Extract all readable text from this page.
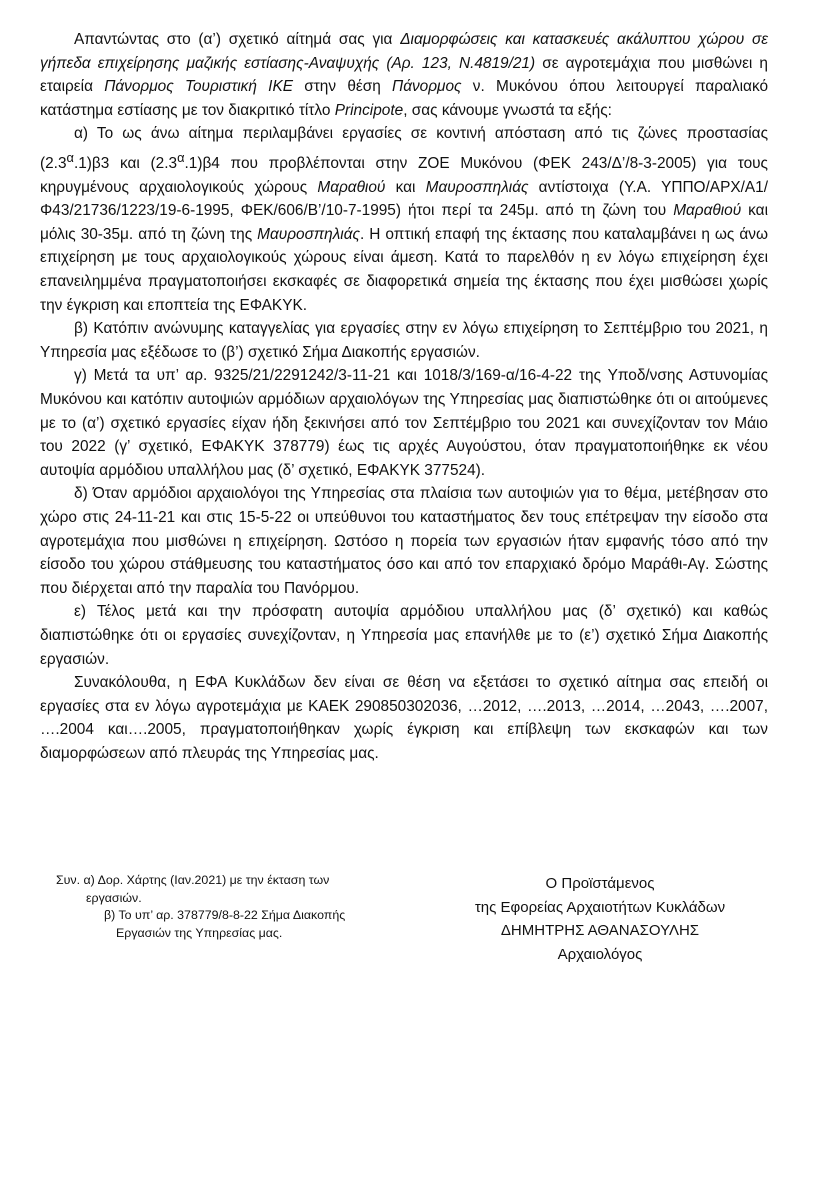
Απαντώντας στο (α’) σχετικό αίτημά σας για Διαμορφώσεις και κατασκευές ακάλυπτου χώρου σε γήπεδα επιχείρησης μαζικής εστίασης-Αναψυχής (Αρ. 123, Ν.4819/21) σε αγροτεμάχια που μισθώνει η εταιρεία Πάνορμος Τουριστική ΙΚΕ στην θέση Πάνορμος ν. Μυκόνου όπου λειτουργεί παραλιακό κατάστημα εστίασης με τον διακριτικό τίτλο Principote, σας κάνουμε γνωστά τα εξής:

α) Το ως άνω αίτημα περιλαμβάνει εργασίες σε κοντινή απόσταση από τις ζώνες προστασίας $(2.3^\alpha.1)\beta 3$ και $(2.3^\alpha.1)\beta 4$ που προβλέπονται στην ΖΟΕ Μυκόνου (ΦΕΚ 243/Δ’/8-3-2005) για τους κηρυγμένους αρχαιολογικούς χώρους Μαραθιού και Μαυροσπηλιάς αντίστοιχα (Υ.Α. ΥΠΠΟ/ΑΡΧ/Α1/Φ43/21736/1223/19-6-1995, ΦΕΚ/606/Β’/10-7-1995) ήτοι περί τα 245μ. από τη ζώνη του Μαραθιού και μόλις 30-35μ. από τη ζώνη της Μαυροσπηλιάς. Η οπτική επαφή της έκτασης που καταλαμβάνει η ως άνω επιχείρηση με τους αρχαιολογικούς χώρους είναι άμεση. Κατά το παρελθόν η εν λόγω επιχείρηση έχει επανειλημμένα πραγματοποιήσει εκσκαφές σε διαφορετικά σημεία της έκτασης που έχει μισθώσει χωρίς την έγκριση και εποπτεία της ΕΦΑΚΥΚ.

β) Κατόπιν ανώνυμης καταγγελίας για εργασίες στην εν λόγω επιχείρηση το Σεπτέμβριο του 2021, η Υπηρεσία μας εξέδωσε το (β’) σχετικό Σήμα Διακοπής εργασιών.

γ) Μετά τα υπ’ αρ. 9325/21/2291242/3-11-21 και 1018/3/169-α/16-4-22 της Υποδ/νσης Αστυνομίας Μυκόνου και κατόπιν αυτοψιών αρμόδιων αρχαιολόγων της Υπηρεσίας μας διαπιστώθηκε ότι οι αιτούμενες με το (α’) σχετικό εργασίες είχαν ήδη ξεκινήσει από τον Σεπτέμβριο του 2021 και συνεχίζονταν τον Μάιο του 2022 (γ’ σχετικό, ΕΦΑΚΥΚ 378779) έως τις αρχές Αυγούστου, όταν πραγματοποιήθηκε εκ νέου αυτοψία αρμόδιου υπαλλήλου μας (δ’ σχετικό, ΕΦΑΚΥΚ 377524).

δ) Όταν αρμόδιοι αρχαιολόγοι της Υπηρεσίας στα πλαίσια των αυτοψιών για το θέμα, μετέβησαν στο χώρο στις 24-11-21 και στις 15-5-22 οι υπεύθυνοι του καταστήματος δεν τους επέτρεψαν την είσοδο στα αγροτεμάχια που μισθώνει η επιχείρηση. Ωστόσο η πορεία των εργασιών ήταν εμφανής τόσο από την είσοδο του χώρου στάθμευσης του καταστήματος όσο και από τον επαρχιακό δρόμο Μαράθι-Αγ. Σώστης που διέρχεται από την παραλία του Πανόρμου.

ε) Τέλος μετά και την πρόσφατη αυτοψία αρμόδιου υπαλλήλου μας (δ’ σχετικό) και καθώς διαπιστώθηκε ότι οι εργασίες συνεχίζονταν, η Υπηρεσία μας επανήλθε με το (ε’) σχετικό Σήμα Διακοπής εργασιών.

Συνακόλουθα, η ΕΦΑ Κυκλάδων δεν είναι σε θέση να εξετάσει το σχετικό αίτημα σας επειδή οι εργασίες στα εν λόγω αγροτεμάχια με ΚΑΕΚ 290850302036, …2012, ….2013, …2014, …2043, ….2007, ….2004 και….2005, πραγματοποιήθηκαν χωρίς έγκριση και επίβλεψη των εκσκαφών και των διαμορφώσεων από πλευράς της Υπηρεσίας μας.

Συν. α) Δορ. Χάρτης (Ιαν.2021) με την έκταση των εργασιών.
β) Το υπ’ αρ. 378779/8-8-22 Σήμα Διακοπής Εργασιών της Υπηρεσίας μας.
Ο Προϊστάμενος
της Εφορείας Αρχαιοτήτων Κυκλάδων
ΔΗΜΗΤΡΗΣ ΑΘΑΝΑΣΟΥΛΗΣ
Αρχαιολόγος
